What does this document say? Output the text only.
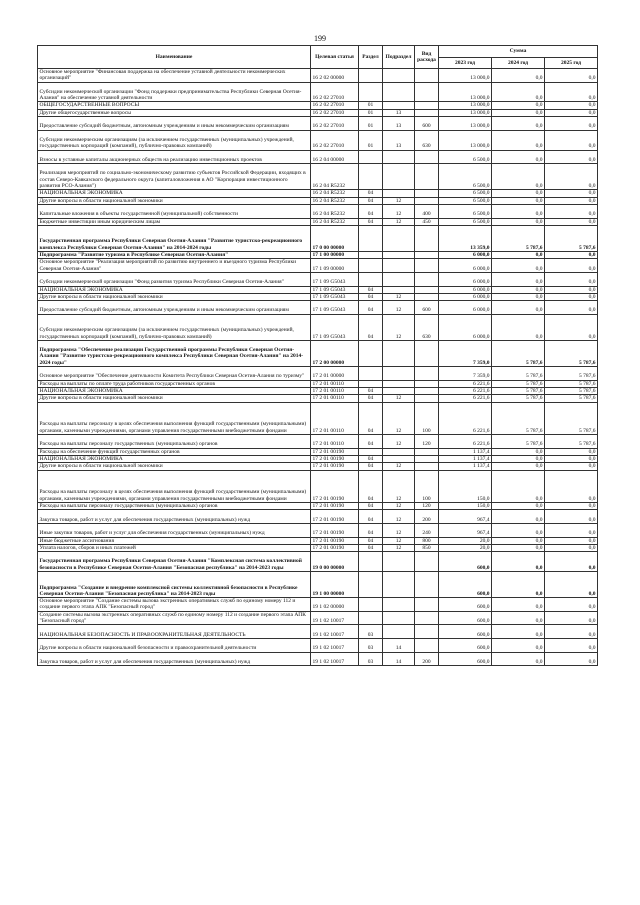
199
Наименование	Целевая статья	Раздел	Подраздел	Вид расхода	Сумма		
					2023 год	2024 год	2025 год
Основное мероприятие "Финансовая поддержка на обеспечение уставной деятельности некоммерческих организаций"	16 2 02 00000				13 000,0	0,0	0,0
Субсидии некоммерческой организации "Фонд поддержки предпринимательства Республики Северная Осетия-Алания" на обеспечение уставной деятельности	16 2 02 27010				13 000,0	0,0	0,0
ОБЩЕГОСУДАРСТВЕННЫЕ ВОПРОСЫ	16 2 02 27010	01			13 000,0	0,0	0,0
Другие общегосударственные вопросы	16 2 02 27010	01	13		13 000,0	0,0	0,0
Предоставление субсидий бюджетным, автономным учреждениям и иным некоммерческим организациям	16 2 02 27010	01	13	600	13 000,0	0,0	0,0
Субсидии некоммерческим организациям (за исключением государственных (муниципальных) учреждений, государственных корпораций (компаний), публично-правовых компаний)	16 2 02 27010	01	13	630	13 000,0	0,0	0,0
Взносы в уставные капиталы акционерных обществ на реализацию инвестиционных проектов	16 2 04 00000				6 500,0	0,0	0,0
Реализация мероприятий по социально-экономическому развитию субъектов Российской Федерации, входящих в состав Северо-Кавказского федерального округа (капиталовложения в АО "Корпорация инвестиционного развития РСО-Алания")	16 2 04 R5232				6 500,0	0,0	0,0
НАЦИОНАЛЬНАЯ ЭКОНОМИКА	16 2 04 R5232	04			6 500,0	0,0	0,0
Другие вопросы в области национальной экономики	16 2 04 R5232	04	12		6 500,0	0,0	0,0
Капитальные вложения в объекты государственной (муниципальной) собственности	16 2 04 R5232	04	12	400	6 500,0	0,0	0,0
Бюджетные инвестиции иным юридическим лицам	16 2 04 R5232	04	12	450	6 500,0	0,0	0,0
Государственная программа Республики Северная Осетия-Алания "Развитие туристско-рекреационного комплекса Республики Северная Осетия-Алания" на 2014-2024 годы	17 0 00 00000				13 359,0	5 787,6	5 787,6
Подпрограмма "Развитие туризма в Республике Северная Осетия-Алания"	17 1 00 00000				6 000,0	0,0	0,0
Основное мероприятие "Реализация мероприятий по развитию внутреннего и въездного туризма Республики Северная Осетия-Алания"	17 1 09 00000				6 000,0	0,0	0,0
Субсидии некоммерческой организации "Фонд развития туризма Республики Северная Осетия-Алания"	17 1 09 G5043				6 000,0	0,0	0,0
НАЦИОНАЛЬНАЯ ЭКОНОМИКА	17 1 09 G5043	04			6 000,0	0,0	0,0
Другие вопросы в области национальной экономики	17 1 09 G5043	04	12		6 000,0	0,0	0,0
Предоставление субсидий бюджетным, автономным учреждениям и иным некоммерческим организациям	17 1 09 G5043	04	12	600	6 000,0	0,0	0,0
Субсидии некоммерческим организациям (за исключением государственных (муниципальных) учреждений, государственных корпораций (компаний), публично-правовых компаний)	17 1 09 G5043	04	12	630	6 000,0	0,0	0,0
Подпрограмма "Обеспечение реализации Государственной программы Республики Северная Осетия-Алания "Развитие туристско-рекреационного комплекса Республики Северная Осетия-Алания" на 2014-2024 годы"	17 2 00 00000				7 359,0	5 787,6	5 787,6
Основное мероприятие "Обеспечение деятельности Комитета Республики Северная Осетия-Алания по туризму"	17 2 01 00000				7 359,0	5 787,6	5 787,6
Расходы на выплаты по оплате труда работников государственных органов	17 2 01 00110				6 221,6	5 787,6	5 787,6
НАЦИОНАЛЬНАЯ ЭКОНОМИКА	17 2 01 00110	04			6 221,6	5 787,6	5 787,6
Другие вопросы в области национальной экономики	17 2 01 00110	04	12		6 221,6	5 787,6	5 787,6
Расходы на выплаты персоналу в целях обеспечения выполнения функций государственными (муниципальными) органами, казенными учреждениями, органами управления государственными внебюджетными фондами	17 2 01 00110	04	12	100	6 221,6	5 787,6	5 787,6
Расходы на выплаты персоналу государственных (муниципальных) органов	17 2 01 00110	04	12	120	6 221,6	5 787,6	5 787,6
Расходы на обеспечение функций государственных органов	17 2 01 00190				1 137,4	0,0	0,0
НАЦИОНАЛЬНАЯ ЭКОНОМИКА	17 2 01 00190	04			1 137,4	0,0	0,0
Другие вопросы в области национальной экономики	17 2 01 00190	04	12		1 137,4	0,0	0,0
Расходы на выплаты персоналу в целях обеспечения выполнения функций государственными (муниципальными) органами, казенными учреждениями, органами управления государственными внебюджетными фондами	17 2 01 00190	04	12	100	150,0	0,0	0,0
Расходы на выплаты персоналу государственных (муниципальных) органов	17 2 01 00190	04	12	120	150,0	0,0	0,0
Закупка товаров, работ и услуг для обеспечения государственных (муниципальных) нужд	17 2 01 00190	04	12	200	967,4	0,0	0,0
Иные закупки товаров, работ и услуг для обеспечения государственных (муниципальных) нужд	17 2 01 00190	04	12	240	967,4	0,0	0,0
Иные бюджетные ассигнования	17 2 01 00190	04	12	800	20,0	0,0	0,0
Уплата налогов, сборов и иных платежей	17 2 01 00190	04	12	850	20,0	0,0	0,0
Государственная программа Республики Северная Осетия-Алания "Комплексная система коллективной безопасности в Республике Северная Осетия-Алания "Безопасная республика" на 2014-2023 годы	19 0 00 00000				600,0	0,0	0,0
Подпрограмма "Создание и внедрение комплексной системы коллективной безопасности в Республике Северная Осетия-Алания "Безопасная республика" на 2014-2023 годы	19 1 00 00000				600,0	0,0	0,0
Основное мероприятие "Создание системы вызова экстренных оперативных служб по единому номеру 112 и создание первого этапа АПК "Безопасный город"	19 1 02 00000				600,0	0,0	0,0
Создание системы вызова экстренных оперативных служб по единому номеру 112 и создание первого этапа АПК "Безопасный город"	19 1 02 10017				600,0	0,0	0,0
НАЦИОНАЛЬНАЯ БЕЗОПАСНОСТЬ И ПРАВООХРАНИТЕЛЬНАЯ ДЕЯТЕЛЬНОСТЬ	19 1 02 10017	03			600,0	0,0	0,0
Другие вопросы в области национальной безопасности и правоохранительной деятельности	19 1 02 10017	03	14		600,0	0,0	0,0
Закупка товаров, работ и услуг для обеспечения государственных (муниципальных) нужд	19 1 02 10017	03	14	200	600,0	0,0	0,0
